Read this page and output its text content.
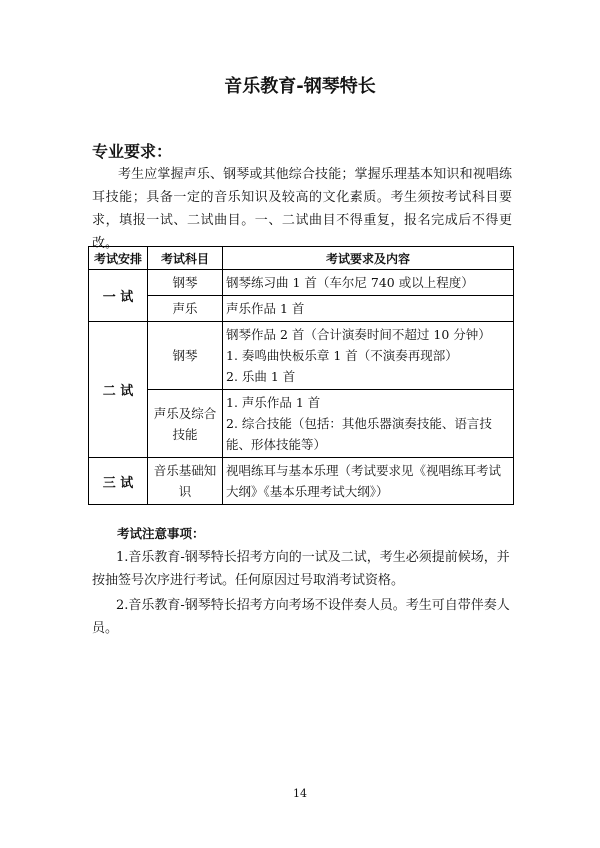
音乐教育-钢琴特长
专业要求：
考生应掌握声乐、钢琴或其他综合技能；掌握乐理基本知识和视唱练耳技能；具备一定的音乐知识及较高的文化素质。考生须按考试科目要求，填报一试、二试曲目。一、二试曲目不得重复，报名完成后不得更改。
考试安排	考试科目	考试要求及内容
一 试	钢琴	钢琴练习曲 1 首（车尔尼 740 或以上程度）
	声乐	声乐作品 1 首
二 试	钢琴	钢琴作品 2 首（合计演奏时间不超过 10 分钟）
1. 奏鸣曲快板乐章 1 首（不演奏再现部）
2. 乐曲 1 首

	声乐及综合技能	1. 声乐作品 1 首
2. 综合技能（包括：其他乐器演奏技能、语言技能、形体技能等）

三 试	音乐基础知识	视唱练耳与基本乐理（考试要求见《视唱练耳考试大纲》《基本乐理考试大纲》）
考试注意事项：
1.音乐教育-钢琴特长招考方向的一试及二试，考生必须提前候场，并按抽签号次序进行考试。任何原因过号取消考试资格。
2.音乐教育-钢琴特长招考方向考场不设伴奏人员。考生可自带伴奏人员。
14
